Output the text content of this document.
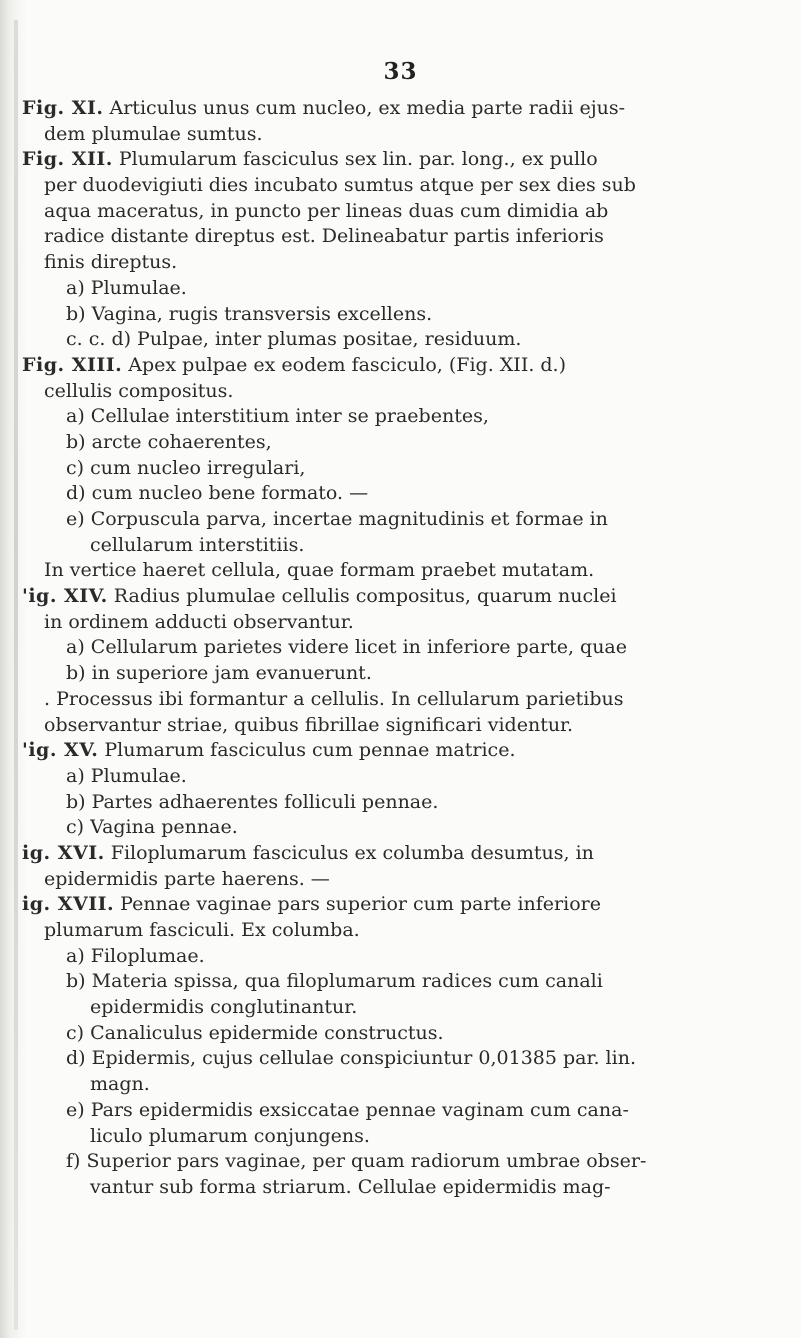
33
Fig. XI. Articulus unus cum nucleo, ex media parte radii ejus-
dem plumulae sumtus.
Fig. XII. Plumularum fasciculus sex lin. par. long., ex pullo
per duodevigiuti dies incubato sumtus atque per sex dies sub
aqua maceratus, in puncto per lineas duas cum dimidia ab
radice distante direptus est. Delineabatur partis inferioris
finis direptus.
a) Plumulae.
b) Vagina, rugis transversis excellens.
c. c. d) Pulpae, inter plumas positae, residuum.
Fig. XIII. Apex pulpae ex eodem fasciculo, (Fig. XII. d.)
cellulis compositus.
a) Cellulae interstitium inter se praebentes,
b) arcte cohaerentes,
c) cum nucleo irregulari,
d) cum nucleo bene formato. —
e) Corpuscula parva, incertae magnitudinis et formae in
cellularum interstitiis.
In vertice haeret cellula, quae formam praebet mutatam.
'ig. XIV. Radius plumulae cellulis compositus, quarum nuclei
in ordinem adducti observantur.
a) Cellularum parietes videre licet in inferiore parte, quae
b) in superiore jam evanuerunt.
. Processus ibi formantur a cellulis. In cellularum parietibus
observantur striae, quibus fibrillae significari videntur.
'ig. XV. Plumarum fasciculus cum pennae matrice.
a) Plumulae.
b) Partes adhaerentes folliculi pennae.
c) Vagina pennae.
ig. XVI. Filoplumarum fasciculus ex columba desumtus, in
epidermidis parte haerens. —
ig. XVII. Pennae vaginae pars superior cum parte inferiore
plumarum fasciculi. Ex columba.
a) Filoplumae.
b) Materia spissa, qua filoplumarum radices cum canali
epidermidis conglutinantur.
c) Canaliculus epidermide constructus.
d) Epidermis, cujus cellulae conspiciuntur 0,01385 par. lin.
magn.
e) Pars epidermidis exsiccatae pennae vaginam cum cana-
liculo plumarum conjungens.
f) Superior pars vaginae, per quam radiorum umbrae obser-
vantur sub forma striarum. Cellulae epidermidis mag-
